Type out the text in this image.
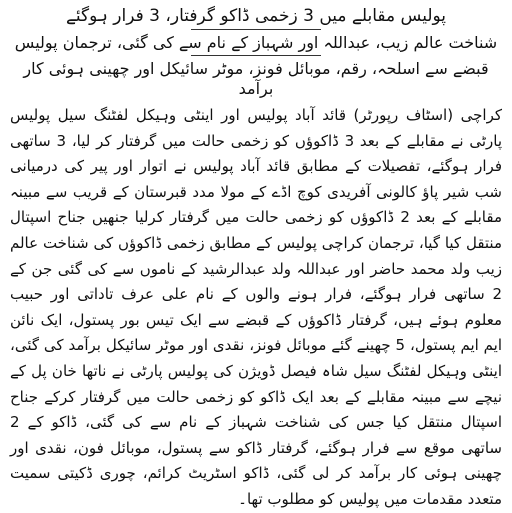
پولیس مقابلے میں 3 زخمی ڈاکو گرفتار، 3 فرار ہوگئے

شناخت عالم زیب، عبداللہ اور شہباز کے نام سے کی گئی، ترجمان پولیس

قبضے سے اسلحہ، رقم، موبائل فونز، موٹر سائیکل اور چھینی ہوئی کار برآمد

کراچی (اسٹاف رپورٹر) قائد آباد پولیس اور اینٹی وہیکل لفٹنگ سیل پولیس پارٹی نے مقابلے کے بعد 3 ڈاکوؤں کو زخمی حالت میں گرفتار کر لیا، 3 ساتھی فرار ہوگئے، تفصیلات کے مطابق قائد آباد پولیس نے اتوار اور پیر کی درمیانی شب شیر پاؤ کالونی آفریدی کوچ اڈے کے مولا مدد قبرستان کے قریب سے مبینہ مقابلے کے بعد 2 ڈاکوؤں کو زخمی حالت میں گرفتار کرلیا جنھیں جناح اسپتال منتقل کیا گیا، ترجمان کراچی پولیس کے مطابق زخمی ڈاکوؤں کی شناخت عالم زیب ولد محمد حاضر اور عبداللہ ولد عبدالرشید کے ناموں سے کی گئی جن کے 2 ساتھی فرار ہوگئے، فرار ہونے والوں کے نام علی عرف تاداتی اور حبیب معلوم ہوئے ہیں، گرفتار ڈاکوؤں کے قبضے سے ایک تیس بور پستول، ایک نائن ایم ایم پستول، 5 چھینے گئے موبائل فونز، نقدی اور موٹر سائیکل برآمد کی گئی، اینٹی وہیکل لفٹنگ سیل شاہ فیصل ڈویژن کی پولیس پارٹی نے ناتھا خان پل کے نیچے سے مبینہ مقابلے کے بعد ایک ڈاکو کو زخمی حالت میں گرفتار کرکے جناح اسپتال منتقل کیا جس کی شناخت شہباز کے نام سے کی گئی، ڈاکو کے 2 ساتھی موقع سے فرار ہوگئے، گرفتار ڈاکو سے پستول، موبائل فون، نقدی اور چھینی ہوئی کار برآمد کر لی گئی، ڈاکو اسٹریٹ کرائم، چوری ڈکیتی سمیت متعدد مقدمات میں پولیس کو مطلوب تھا۔
